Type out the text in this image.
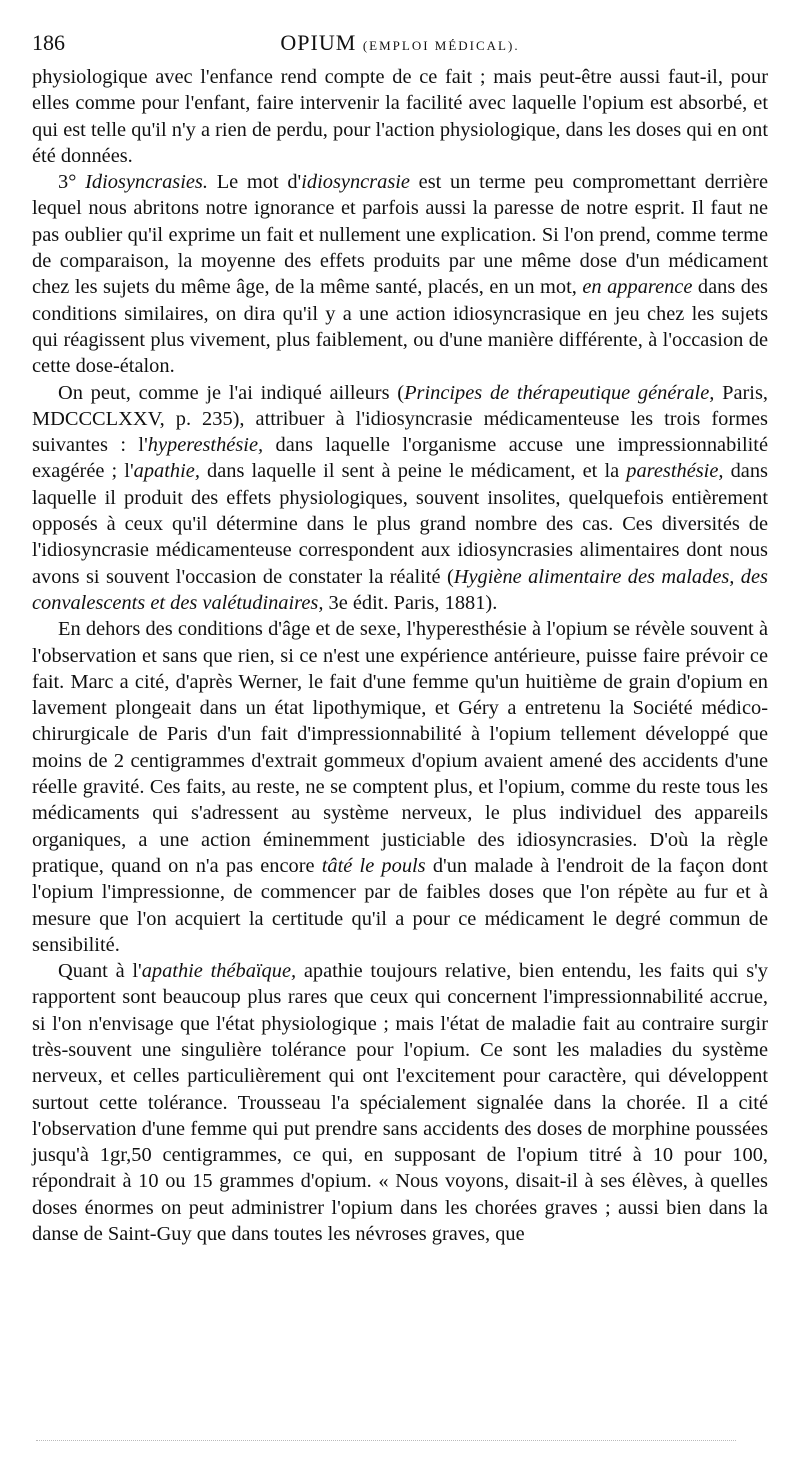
186	OPIUM (EMPLOI MÉDICAL).

physiologique avec l'enfance rend compte de ce fait ; mais peut-être aussi faut-il, pour elles comme pour l'enfant, faire intervenir la facilité avec laquelle l'opium est absorbé, et qui est telle qu'il n'y a rien de perdu, pour l'action physiologique, dans les doses qui en ont été données.

3° Idiosyncrasies. Le mot d'idiosyncrasie est un terme peu compromettant derrière lequel nous abritons notre ignorance et parfois aussi la paresse de notre esprit. Il faut ne pas oublier qu'il exprime un fait et nullement une explication. Si l'on prend, comme terme de comparaison, la moyenne des effets produits par une même dose d'un médicament chez les sujets du même âge, de la même santé, placés, en un mot, en apparence dans des conditions similaires, on dira qu'il y a une action idiosyncrasique en jeu chez les sujets qui réagissent plus vivement, plus faiblement, ou d'une manière différente, à l'occasion de cette dose-étalon.

On peut, comme je l'ai indiqué ailleurs (Principes de thérapeutique générale, Paris, MDCCCLXXV, p. 235), attribuer à l'idiosyncrasie médicamenteuse les trois formes suivantes : l'hyperesthésie, dans laquelle l'organisme accuse une impressionnabilité exagérée ; l'apathie, dans laquelle il sent à peine le médicament, et la paresthésie, dans laquelle il produit des effets physiologiques, souvent insolites, quelquefois entièrement opposés à ceux qu'il détermine dans le plus grand nombre des cas. Ces diversités de l'idiosyncrasie médicamenteuse correspondent aux idiosyncrasies alimentaires dont nous avons si souvent l'occasion de constater la réalité (Hygiène alimentaire des malades, des convalescents et des valétudinaires, 3e édit. Paris, 1881).

En dehors des conditions d'âge et de sexe, l'hyperesthésie à l'opium se révèle souvent à l'observation et sans que rien, si ce n'est une expérience antérieure, puisse faire prévoir ce fait. Marc a cité, d'après Werner, le fait d'une femme qu'un huitième de grain d'opium en lavement plongeait dans un état lipothymique, et Géry a entretenu la Société médico-chirurgicale de Paris d'un fait d'impressionnabilité à l'opium tellement développé que moins de 2 centigrammes d'extrait gommeux d'opium avaient amené des accidents d'une réelle gravité. Ces faits, au reste, ne se comptent plus, et l'opium, comme du reste tous les médicaments qui s'adressent au système nerveux, le plus individuel des appareils organiques, a une action éminemment justiciable des idiosyncrasies. D'où la règle pratique, quand on n'a pas encore tâté le pouls d'un malade à l'endroit de la façon dont l'opium l'impressionne, de commencer par de faibles doses que l'on répète au fur et à mesure que l'on acquiert la certitude qu'il a pour ce médicament le degré commun de sensibilité.

Quant à l'apathie thébaïque, apathie toujours relative, bien entendu, les faits qui s'y rapportent sont beaucoup plus rares que ceux qui concernent l'impressionnabilité accrue, si l'on n'envisage que l'état physiologique ; mais l'état de maladie fait au contraire surgir très-souvent une singulière tolérance pour l'opium. Ce sont les maladies du système nerveux, et celles particulièrement qui ont l'excitement pour caractère, qui développent surtout cette tolérance. Trousseau l'a spécialement signalée dans la chorée. Il a cité l'observation d'une femme qui put prendre sans accidents des doses de morphine poussées jusqu'à 1gr,50 centigrammes, ce qui, en supposant de l'opium titré à 10 pour 100, répondrait à 10 ou 15 grammes d'opium. « Nous voyons, disait-il à ses élèves, à quelles doses énormes on peut administrer l'opium dans les chorées graves ; aussi bien dans la danse de Saint-Guy que dans toutes les névroses graves, que
